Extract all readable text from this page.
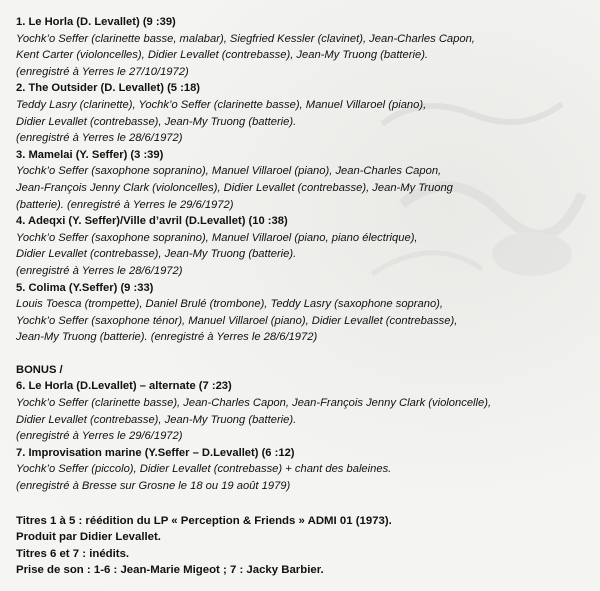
1. Le Horla (D. Levallet) (9 :39)
Yochk’o Seffer (clarinette basse, malabar), Siegfried Kessler (clavinet), Jean-Charles Capon,
Kent Carter (violoncelles), Didier Levallet (contrebasse), Jean-My Truong (batterie).
(enregistré à Yerres le 27/10/1972)
2. The Outsider (D. Levallet) (5 :18)
Teddy Lasry (clarinette), Yochk’o Seffer (clarinette basse), Manuel Villaroel (piano),
Didier Levallet (contrebasse), Jean-My Truong (batterie).
(enregistré à Yerres le 28/6/1972)
3. Mamelai (Y. Seffer) (3 :39)
Yochk’o Seffer (saxophone sopranino), Manuel Villaroel (piano), Jean-Charles Capon,
Jean-François Jenny Clark (violoncelles), Didier Levallet (contrebasse), Jean-My Truong
(batterie). (enregistré à Yerres le 29/6/1972)
4. Adeqxi (Y. Seffer)/Ville d’avril (D.Levallet) (10 :38)
Yochk’o Seffer (saxophone sopranino), Manuel Villaroel (piano, piano électrique),
Didier Levallet (contrebasse), Jean-My Truong (batterie).
(enregistré à Yerres le 28/6/1972)
5. Colima (Y.Seffer) (9 :33)
Louis Toesca (trompette), Daniel Brulé (trombone), Teddy Lasry (saxophone soprano),
Yochk’o Seffer (saxophone ténor), Manuel Villaroel (piano), Didier Levallet (contrebasse),
Jean-My Truong (batterie). (enregistré à Yerres le 28/6/1972)
BONUS /
6. Le Horla (D.Levallet) – alternate (7 :23)
Yochk’o Seffer (clarinette basse), Jean-Charles Capon, Jean-François Jenny Clark (violoncelle),
Didier Levallet (contrebasse), Jean-My Truong (batterie).
(enregistré à Yerres le 29/6/1972)
7. Improvisation marine (Y.Seffer – D.Levallet) (6 :12)
Yochk’o Seffer (piccolo), Didier Levallet (contrebasse) + chant des baleines.
(enregistré à Bresse sur Grosne le 18 ou 19 août 1979)
Titres 1 à 5 : réédition du LP « Perception & Friends » ADMI 01 (1973).
Produit par Didier Levallet.
Titres 6 et 7 : inédits.
Prise de son : 1-6 : Jean-Marie Migeot ; 7 : Jacky Barbier.
